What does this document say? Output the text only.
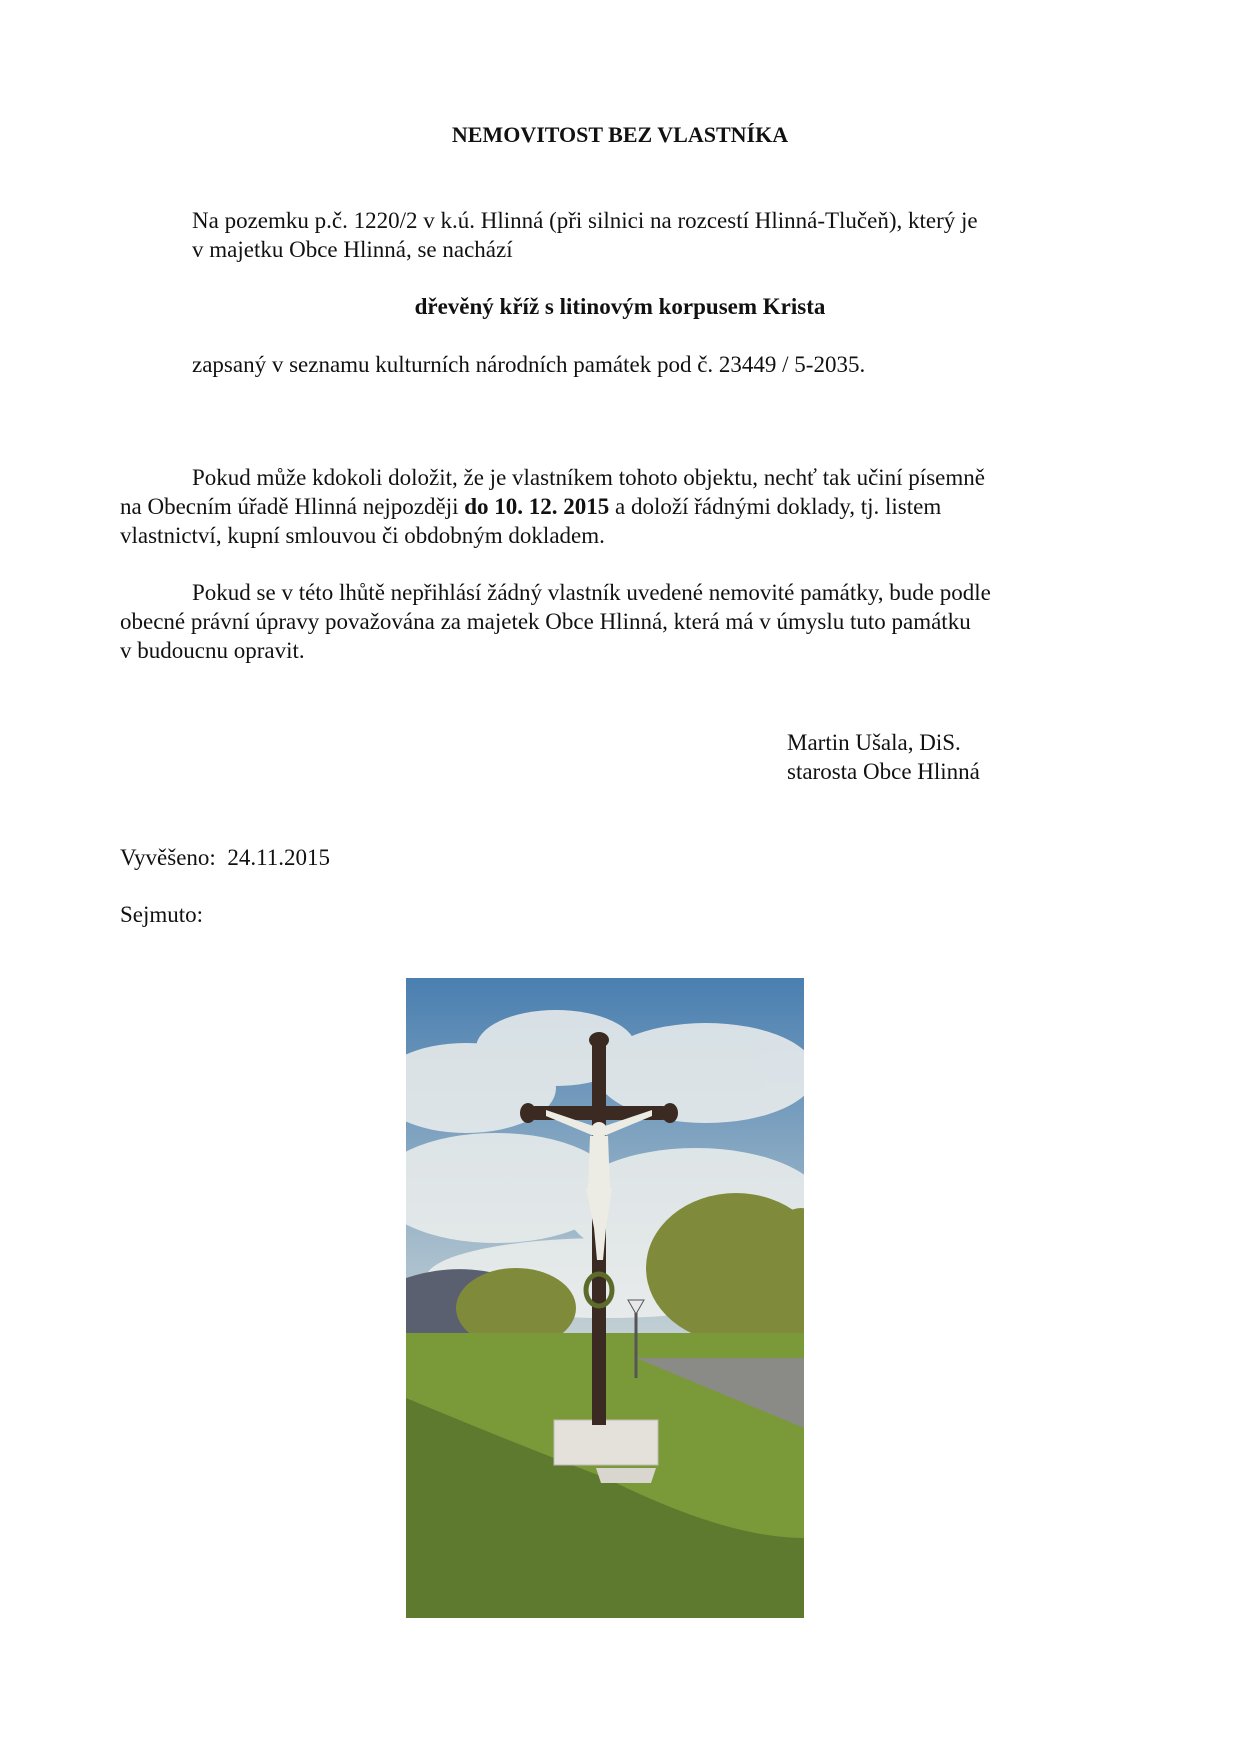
NEMOVITOST BEZ VLASTNÍKA
Na pozemku p.č. 1220/2 v k.ú. Hlinná (při silnici na rozcestí Hlinná-Tlučeň), který je
v majetku Obce Hlinná, se nachází
dřevěný kříž s litinovým korpusem Krista
zapsaný v seznamu kulturních národních památek pod č. 23449 / 5-2035.

Pokud může kdokoli doložit, že je vlastníkem tohoto objektu, nechť tak učiní písemně
na Obecním úřadě Hlinná nejpozději do 10. 12. 2015 a doloží řádnými doklady, tj. listem
vlastnictví, kupní smlouvou či obdobným dokladem.

Pokud se v této lhůtě nepřihlásí žádný vlastník uvedené nemovité památky, bude podle
obecné právní úpravy považována za majetek Obce Hlinná, která má v úmyslu tuto památku
v budoucnu opravit.

Martin Ušala, DiS.
starosta Obce Hlinná
Vyvěšeno: 24.11.2015
Sejmuto:
